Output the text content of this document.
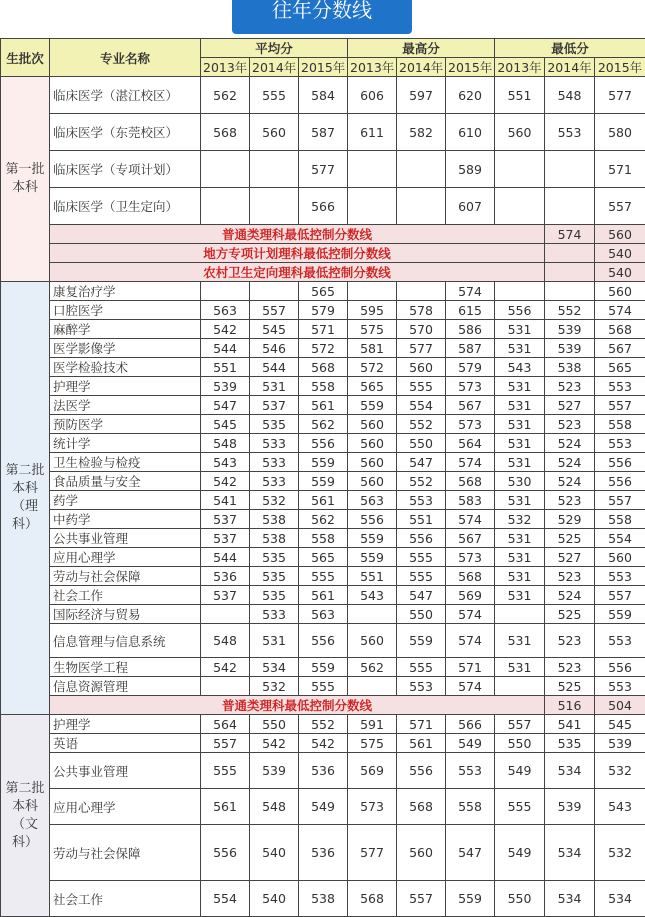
往年分数线
生批次	专业名称	平均分			最高分			最低分			
		2013年	2014年	2015年	2013年	2014年	2015年	2013年	2014年	2015年	
第一批本科	临床医学（湛江校区）	562	555	584	606	597	620	551	548	577	
	临床医学（东莞校区）	568	560	587	611	582	610	560	553	580	
	临床医学（专项计划）			577			589			571	
	临床医学（卫生定向）			566			607			557	
	普通类理科最低控制分数线								574	560	
	地方专项计划理科最低控制分数线									540	
	农村卫生定向理科最低控制分数线									540	
第二批本科（理科）	康复治疗学			565			574			560	
	口腔医学	563	557	579	595	578	615	556	552	574	
	麻醉学	542	545	571	575	570	586	531	539	568	
	医学影像学	544	546	572	581	577	587	531	539	567	
	医学检验技术	551	544	568	572	560	579	543	538	565	
	护理学	539	531	558	565	555	573	531	523	553	
	法医学	547	537	561	559	554	567	531	527	557	
	预防医学	545	535	562	560	552	573	531	523	558	
	统计学	548	533	556	560	550	564	531	524	553	
	卫生检验与检疫	543	533	559	560	547	574	531	524	556	
	食品质量与安全	542	533	559	560	552	568	530	524	556	
	药学	541	532	561	563	553	583	531	523	557	
	中药学	537	538	562	556	551	574	532	529	558	
	公共事业管理	537	538	558	559	556	567	531	525	554	
	应用心理学	544	535	565	559	555	573	531	527	560	
	劳动与社会保障	536	535	555	551	555	568	531	523	553	
	社会工作	537	535	561	543	547	569	531	524	557	
	国际经济与贸易		533	563		550	574		525	559	
	信息管理与信息系统	548	531	556	560	559	574	531	523	553	
	生物医学工程	542	534	559	562	555	571	531	523	556	
	信息资源管理		532	555		553	574		525	553	
	普通类理科最低控制分数线								516	504	
第二批本科（文科）	护理学	564	550	552	591	571	566	557	541	545	
	英语	557	542	542	575	561	549	550	535	539	
	公共事业管理	555	539	536	569	556	553	549	534	532	
	应用心理学	561	548	549	573	568	558	555	539	543	
	劳动与社会保障	556	540	536	577	560	547	549	534	532	
	社会工作	554	540	538	568	557	559	550	534	534	
